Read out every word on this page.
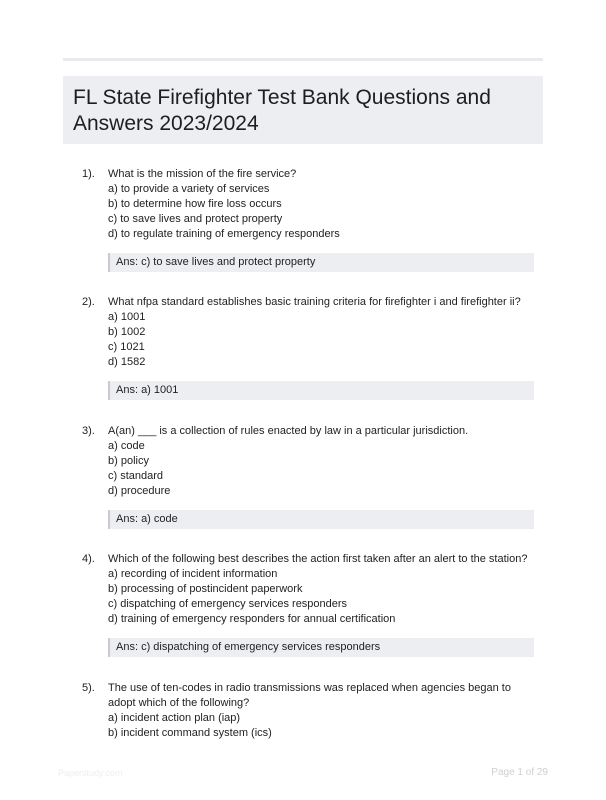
FL State Firefighter Test Bank Questions and Answers 2023/2024
1). What is the mission of the fire service?
a) to provide a variety of services
b) to determine how fire loss occurs
c) to save lives and protect property
d) to regulate training of emergency responders
Ans: c) to save lives and protect property
2). What nfpa standard establishes basic training criteria for firefighter i and firefighter ii?
a) 1001
b) 1002
c) 1021
d) 1582
Ans: a) 1001
3). A(an) ___ is a collection of rules enacted by law in a particular jurisdiction.
a) code
b) policy
c) standard
d) procedure
Ans: a) code
4). Which of the following best describes the action first taken after an alert to the station?
a) recording of incident information
b) processing of postincident paperwork
c) dispatching of emergency services responders
d) training of emergency responders for annual certification
Ans: c) dispatching of emergency services responders
5). The use of ten-codes in radio transmissions was replaced when agencies began to adopt which of the following?
a) incident action plan (iap)
b) incident command system (ics)
Paperstudy.com	Page 1 of 29
